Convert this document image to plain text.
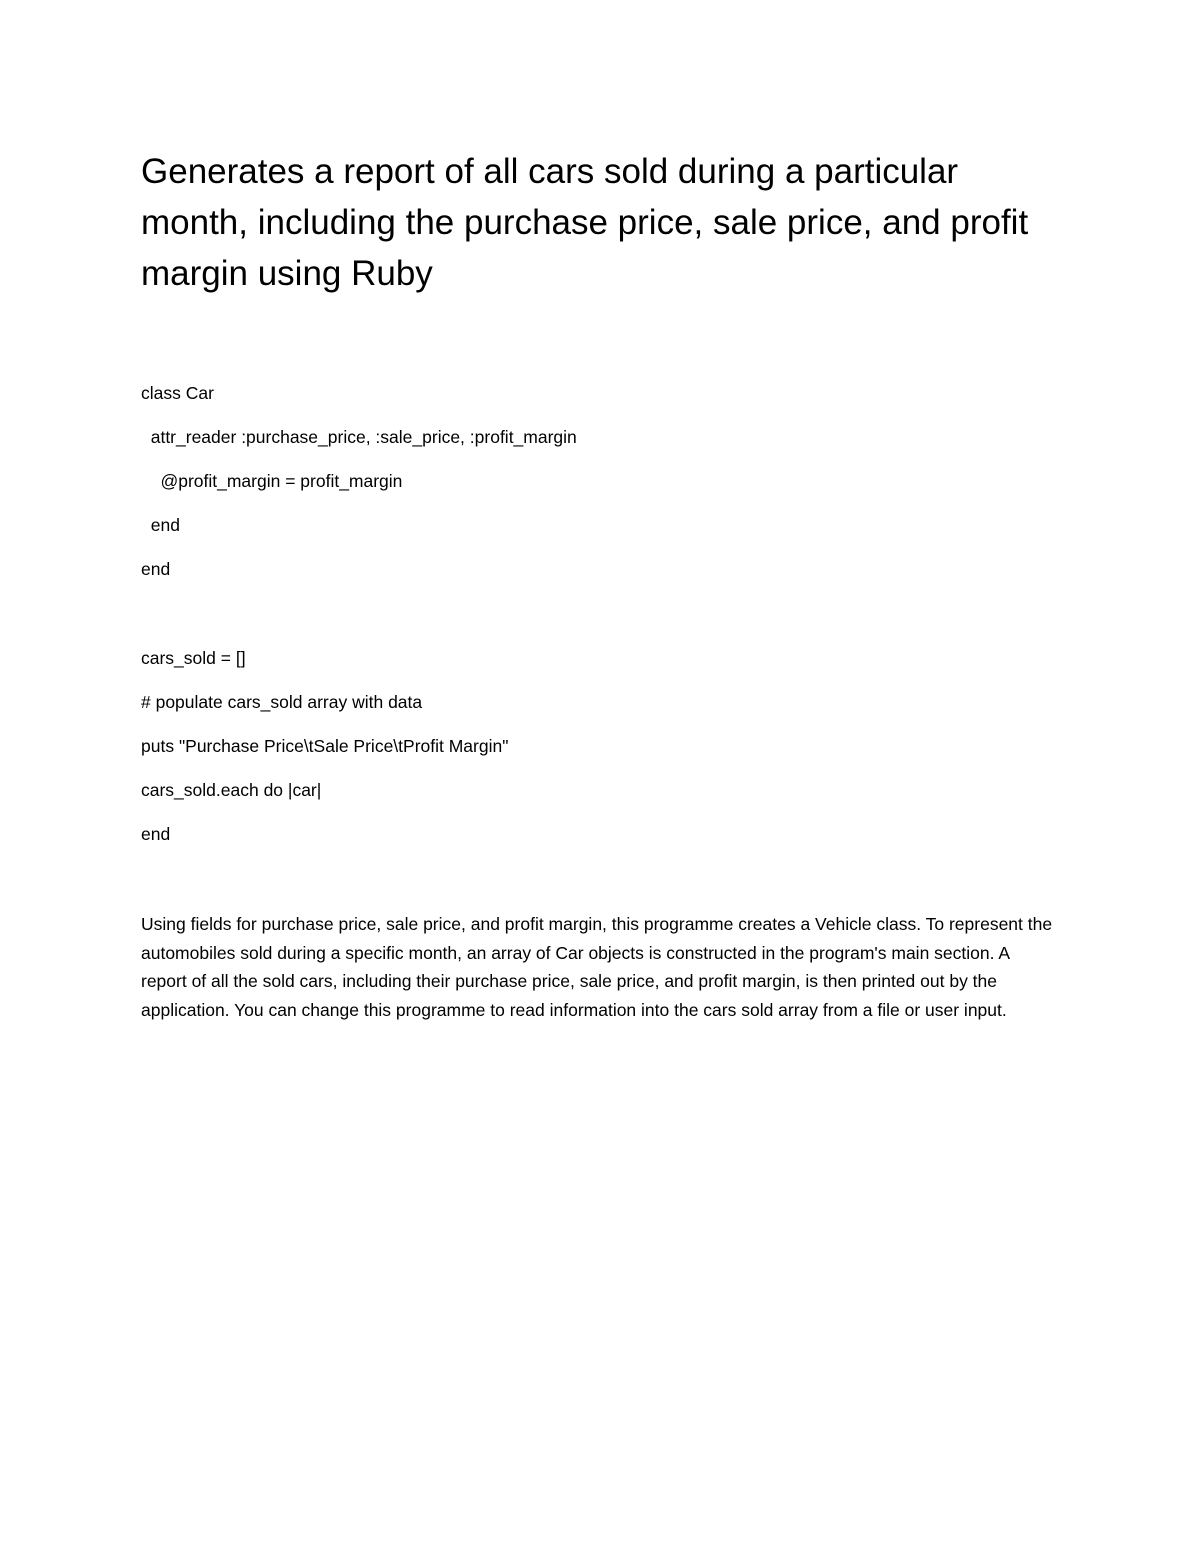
Generates a report of all cars sold during a particular month, including the purchase price, sale price, and profit margin using Ruby

class Car

attr_reader :purchase_price, :sale_price, :profit_margin

@profit_margin = profit_margin

end

end

cars_sold = []

# populate cars_sold array with data

puts "Purchase Price\tSale Price\tProfit Margin"

cars_sold.each do |car|

end

Using fields for purchase price, sale price, and profit margin, this programme creates a Vehicle class. To represent the automobiles sold during a specific month, an array of Car objects is constructed in the program's main section. A report of all the sold cars, including their purchase price, sale price, and profit margin, is then printed out by the application. You can change this programme to read information into the cars sold array from a file or user input.
